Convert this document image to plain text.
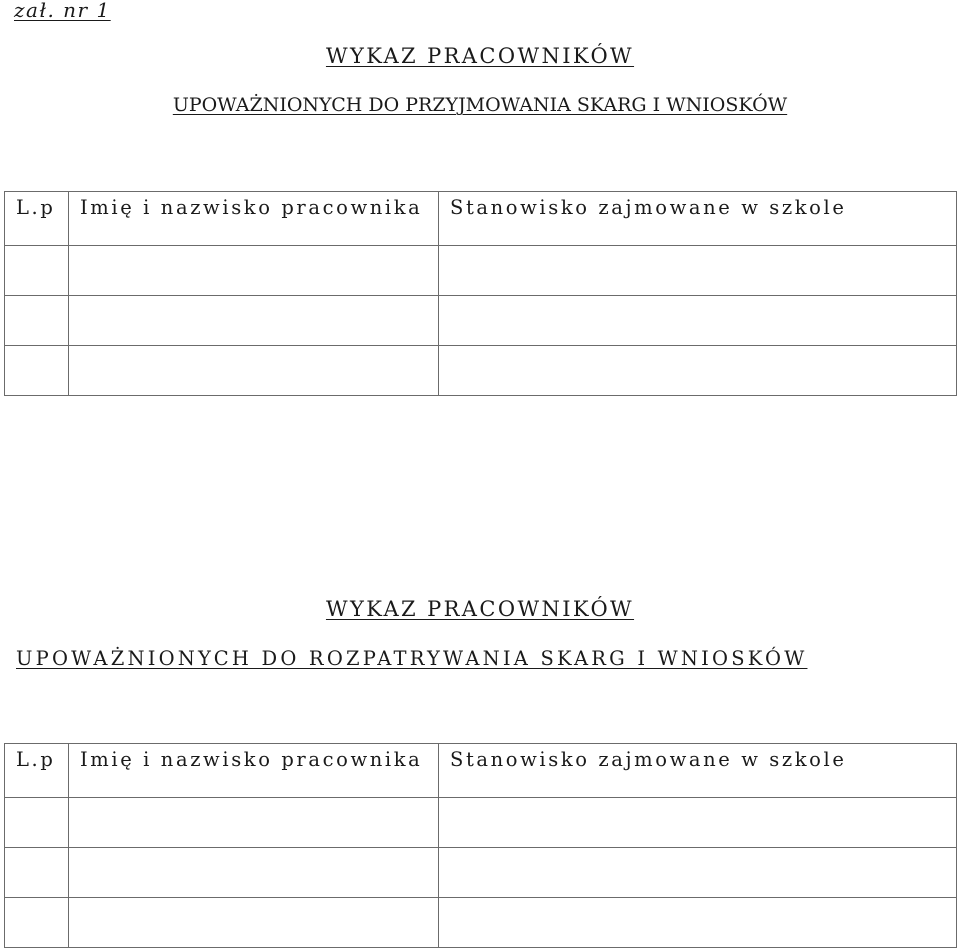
zał. nr 1
WYKAZ PRACOWNIKÓW
UPOWAŻNIONYCH DO PRZYJMOWANIA SKARG I WNIOSKÓW
L.p	Imię i nazwisko pracownika	Stanowisko zajmowane w szkole

WYKAZ PRACOWNIKÓW
UPOWAŻNIONYCH DO ROZPATRYWANIA SKARG I WNIOSKÓW
L.p	Imię i nazwisko pracownika	Stanowisko zajmowane w szkole
